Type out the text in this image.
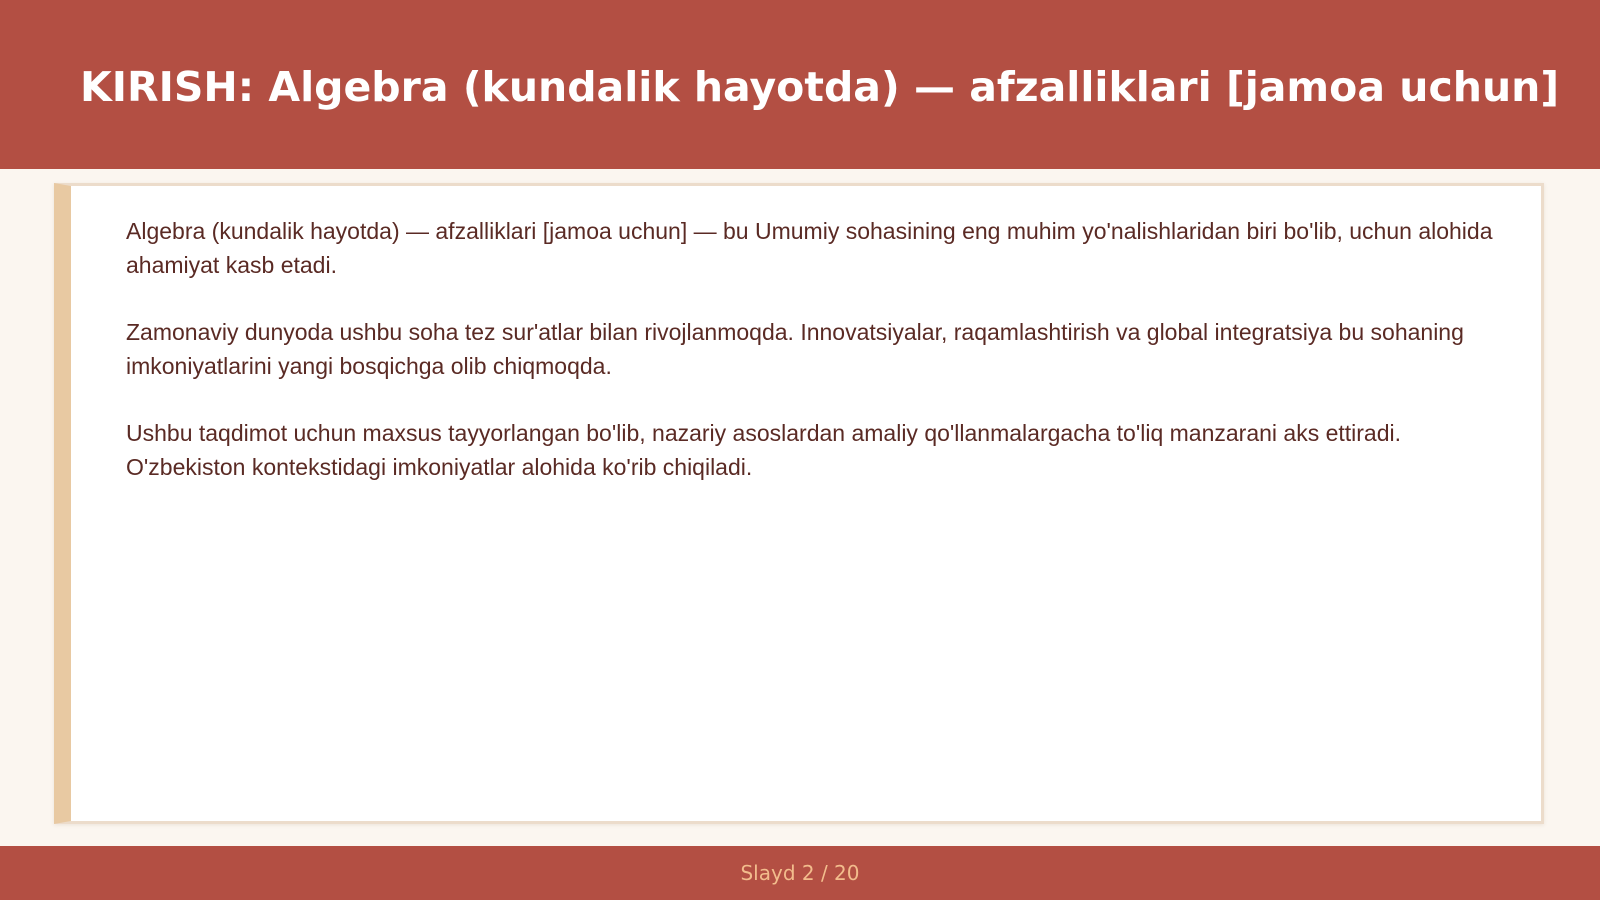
KIRISH: Algebra (kundalik hayotda) — afzalliklari [jamoa uchun]

Algebra (kundalik hayotda) — afzalliklari [jamoa uchun] — bu Umumiy sohasining eng muhim yo'nalishlaridan biri bo'lib, uchun alohida ahamiyat kasb etadi.

Zamonaviy dunyoda ushbu soha tez sur'atlar bilan rivojlanmoqda. Innovatsiyalar, raqamlashtirish va global integratsiya bu sohaning imkoniyatlarini yangi bosqichga olib chiqmoqda.

Ushbu taqdimot uchun maxsus tayyorlangan bo'lib, nazariy asoslardan amaliy qo'llanmalargacha to'liq manzarani aks ettiradi. O'zbekiston kontekstidagi imkoniyatlar alohida ko'rib chiqiladi.

Slayd 2 / 20
